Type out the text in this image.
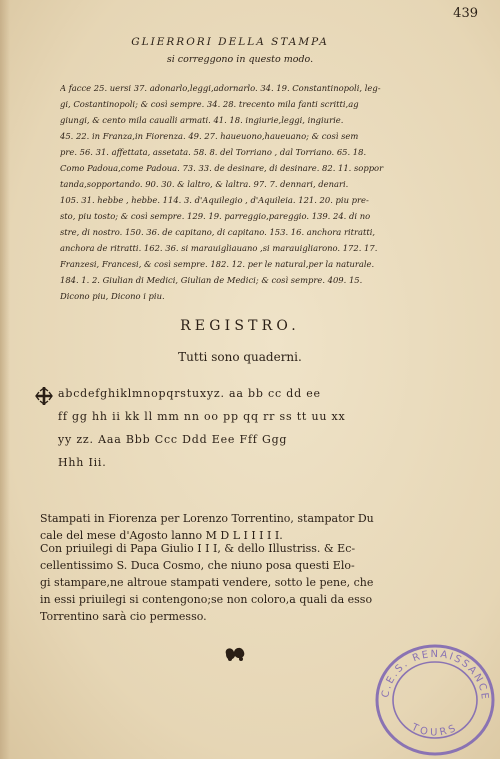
439
GLIERRORI DELLA STAMPA
si correggono in questo modo.
A facce 25. uersi 37. adonarlo,leggi,adornarlo. 34. 19. Constantinopoli, leg-
gi, Costantinopoli; & così sempre. 34. 28. trecento mila fanti scritti,ag
giungi, & cento mila caualli armati. 41. 18. ingiurie,leggi, ingiurie.
45. 22. in Franza,in Fiorenza. 49. 27. haueuono,haueuano; & così sem
pre. 56. 31. affettata, assetata. 58. 8. del Torriano , dal Torriano. 65. 18.
Como Padoua,come Padoua. 73. 33. de desinare, di desinare. 82. 11. soppor
tanda,sopportando. 90. 30. & laltro, & laltra. 97. 7. dennari, denari.
105. 31. hebbe , hebbe. 114. 3. d'Aquilegio , d'Aquileia. 121. 20. piu pre-
sto, piu tosto; & così sempre. 129. 19. parreggio,pareggio. 139. 24. di no
stre, di nostro. 150. 36. de capitano, di capitano. 153. 16. anchora ritratti,
anchora de ritratti. 162. 36. si marauigliauano ,si marauigliarono. 172. 17.
Franzesi, Francesi, & così sempre. 182. 12. per le natural,per la naturale.
184. 1. 2. Giulian di Medici, Giulian de Medici; & così sempre. 409. 15.
Dicono piu, Dicono i piu.
REGISTRO.
Tutti sono quaderni.
abcdefghiklmnopqrstuxyz. aa bb cc dd ee
ff gg hh ii kk ll mm nn oo pp qq rr ss tt uu xx
yy zz. Aaa Bbb Ccc Ddd Eee Fff Ggg
Hhh Iii.
Stampati in Fiorenza per Lorenzo Torrentino, stampator Du
cale del mese d'Agosto lanno M D L I I I I I.
Con priuilegi di Papa Giulio I I I, & dello Illustriss. & Ec-
cellentissimo S. Duca Cosmo, che niuno posa questi Elo-
gi stampare,ne altroue stampati vendere, sotto le pene, che
in essi priuilegi si contengono;se non coloro,a quali da esso
Torrentino sarà cio permesso.
C.E.S. RENAISSANCE
TOURS
